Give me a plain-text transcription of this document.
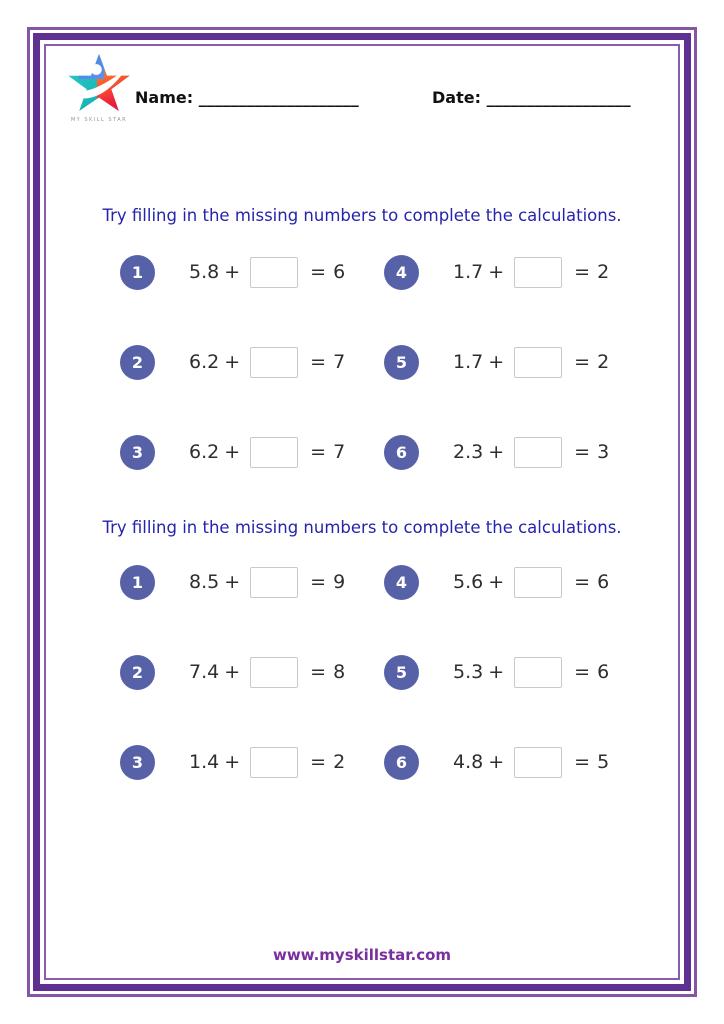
MY SKILL STAR
Name: ____________________	Date: __________________
Try filling in the missing numbers to complete the calculations.
1	5.8 +	= 6
2	6.2 +	= 7
3	6.2 +	= 7
4	1.7 +	= 2
5	1.7 +	= 2
6	2.3 +	= 3
Try filling in the missing numbers to complete the calculations.
1	8.5 +	= 9
2	7.4 +	= 8
3	1.4 +	= 2
4	5.6 +	= 6
5	5.3 +	= 6
6	4.8 +	= 5
www.myskillstar.com
